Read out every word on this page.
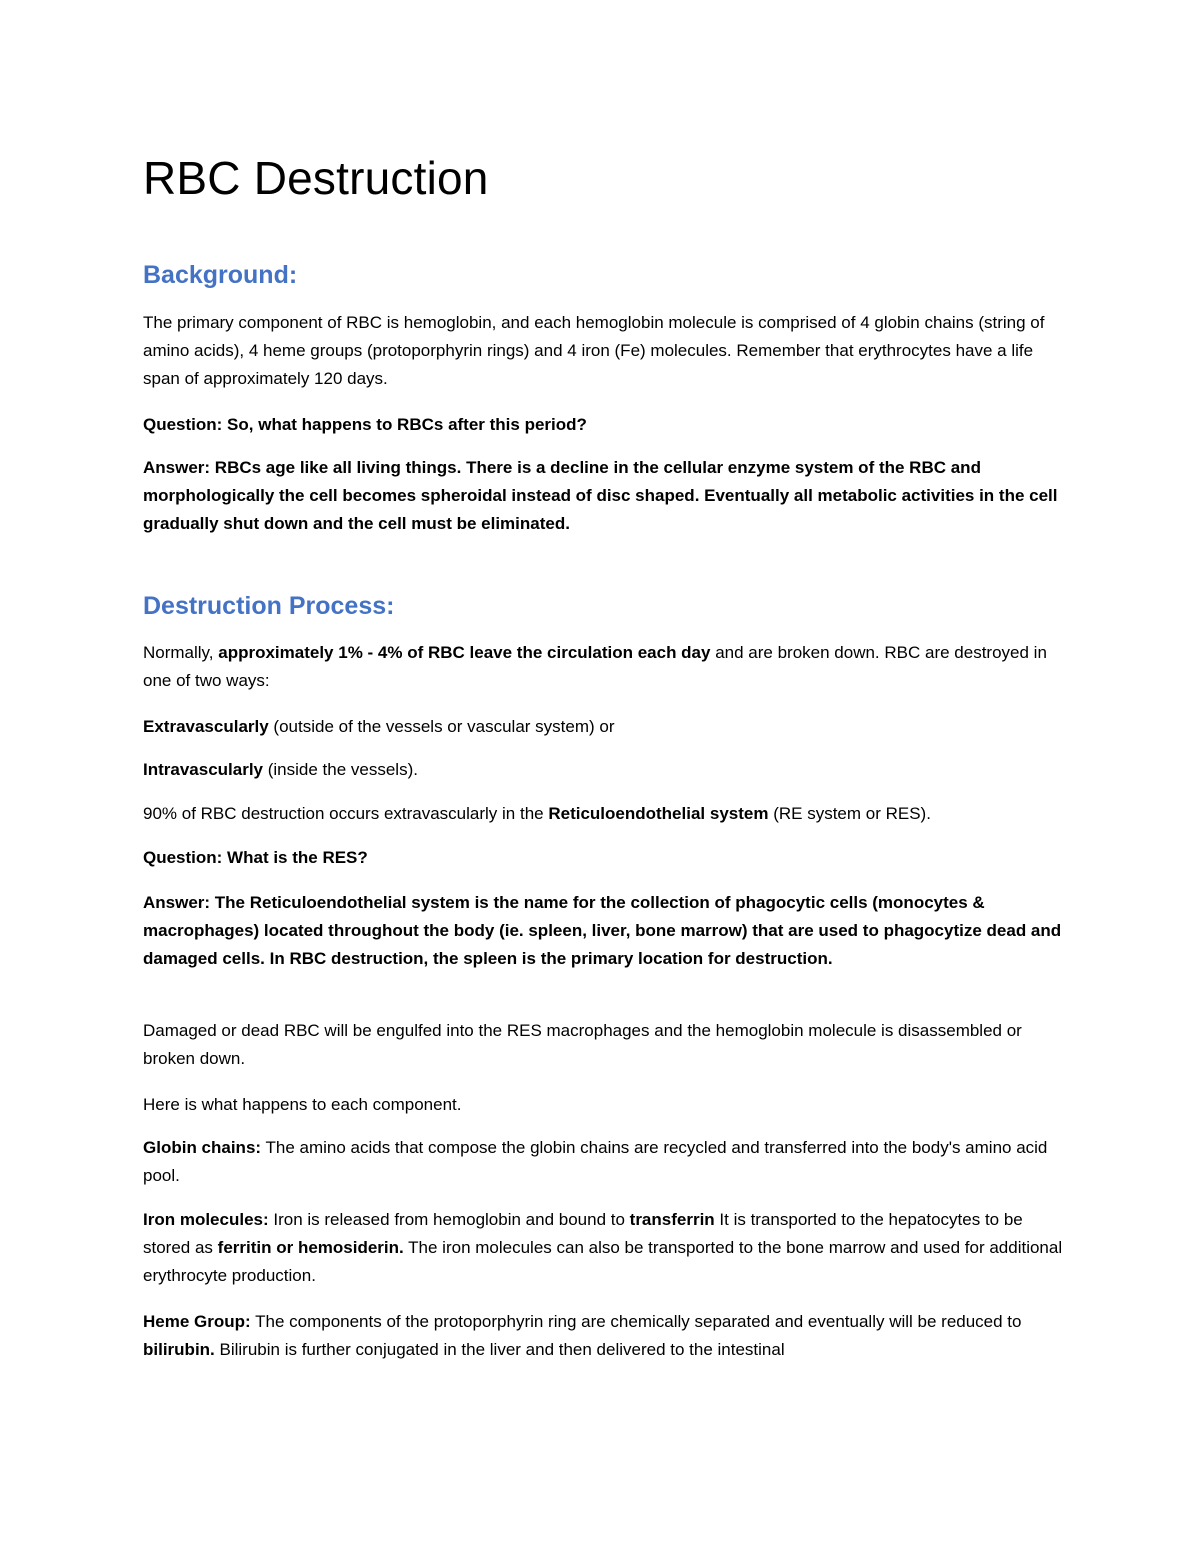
RBC Destruction
Background:

The primary component of RBC is hemoglobin, and each hemoglobin molecule is comprised of 4 globin chains (string of amino acids), 4 heme groups (protoporphyrin rings) and 4 iron (Fe) molecules. Remember that erythrocytes have a life span of approximately 120 days.

Question: So, what happens to RBCs after this period?

Answer: RBCs age like all living things. There is a decline in the cellular enzyme system of the RBC and morphologically the cell becomes spheroidal instead of disc shaped. Eventually all metabolic activities in the cell gradually shut down and the cell must be eliminated.

Destruction Process:

Normally, approximately 1% - 4% of RBC leave the circulation each day and are broken down. RBC are destroyed in one of two ways:

Extravascularly (outside of the vessels or vascular system) or

Intravascularly (inside the vessels).

90% of RBC destruction occurs extravascularly in the Reticuloendothelial system (RE system or RES).

Question: What is the RES?

Answer: The Reticuloendothelial system is the name for the collection of phagocytic cells (monocytes & macrophages) located throughout the body (ie. spleen, liver, bone marrow) that are used to phagocytize dead and damaged cells. In RBC destruction, the spleen is the primary location for destruction.

Damaged or dead RBC will be engulfed into the RES macrophages and the hemoglobin molecule is disassembled or broken down.

Here is what happens to each component.

Globin chains: The amino acids that compose the globin chains are recycled and transferred into the body's amino acid pool.

Iron molecules: Iron is released from hemoglobin and bound to transferrin It is transported to the hepatocytes to be stored as ferritin or hemosiderin. The iron molecules can also be transported to the bone marrow and used for additional erythrocyte production.

Heme Group: The components of the protoporphyrin ring are chemically separated and eventually will be reduced to bilirubin. Bilirubin is further conjugated in the liver and then delivered to the intestinal
